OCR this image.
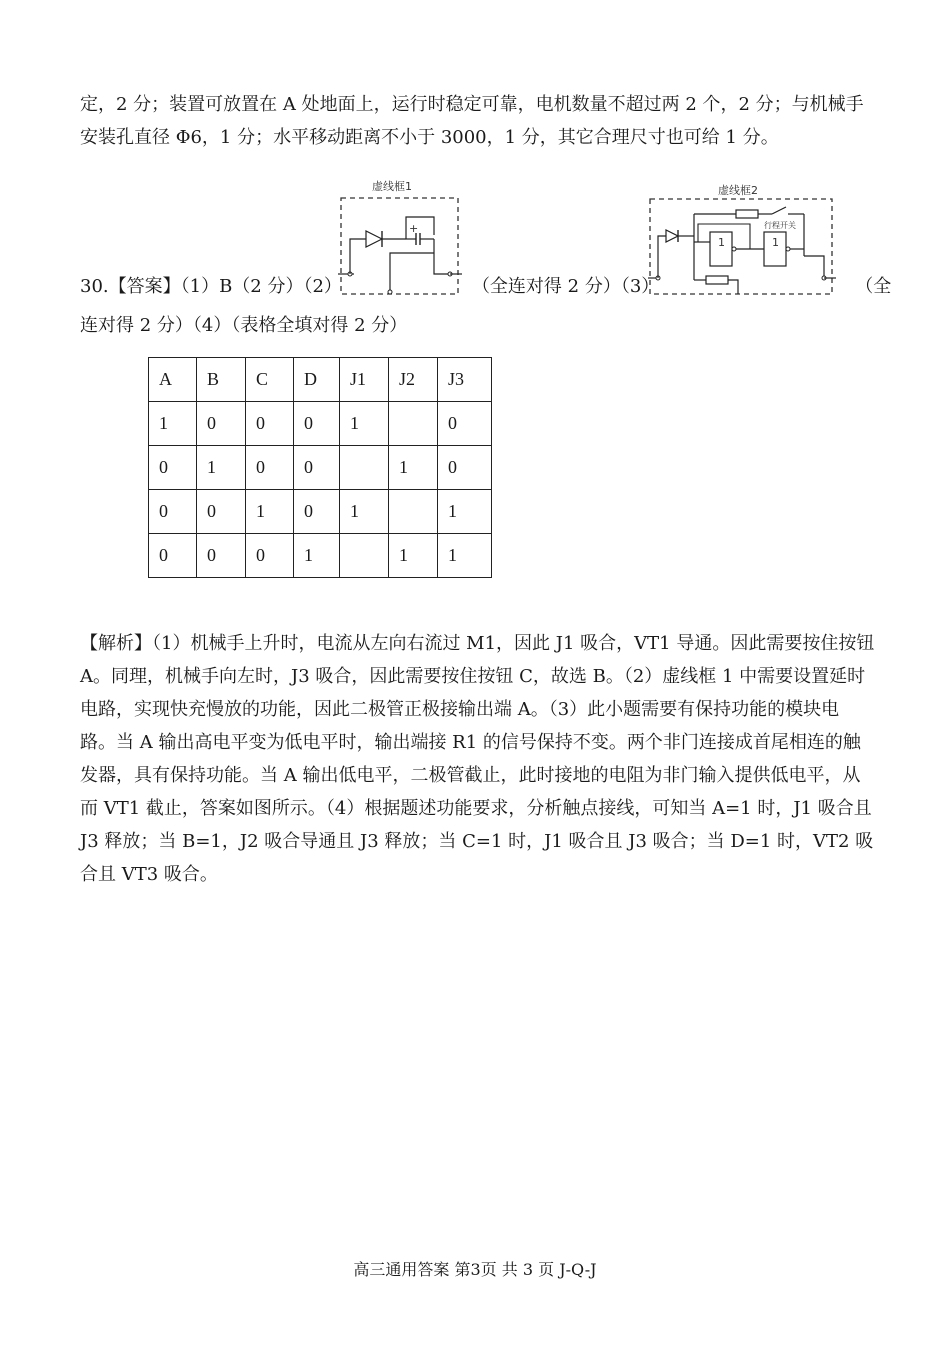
定，2 分；装置可放置在 A 处地面上，运行时稳定可靠，电机数量不超过两 2 个，2 分；与机械手安装孔直径 Φ6，1 分；水平移动距离不小于 3000，1 分，其它合理尺寸也可给 1 分。

虚线框1
+
虚线框2
行程开关
1	1
30.【答案】（1）B（2 分）（2）	（全连对得 2 分）（3）	（全

连对得 2 分）（4）（表格全填对得 2 分）

A	B	C	D	J1	J2	J3
1	0	0	0	1		0
0	1	0	0		1	0
0	0	1	0	1		1
0	0	0	1		1	1

【解析】（1）机械手上升时，电流从左向右流过 M1，因此 J1 吸合，VT1 导通。因此需要按住按钮 A。同理，机械手向左时，J3 吸合，因此需要按住按钮 C，故选 B。（2）虚线框 1 中需要设置延时电路，实现快充慢放的功能，因此二极管正极接输出端 A。（3）此小题需要有保持功能的模块电路。当 A 输出高电平变为低电平时，输出端接 R1 的信号保持不变。两个非门连接成首尾相连的触发器，具有保持功能。当 A 输出低电平，二极管截止，此时接地的电阻为非门输入提供低电平，从而 VT1 截止，答案如图所示。（4）根据题述功能要求，分析触点接线，可知当 A=1 时，J1 吸合且 J3 释放；当 B=1，J2 吸合导通且 J3 释放；当 C=1 时，J1 吸合且 J3 吸合；当 D=1 时，VT2 吸合且 VT3 吸合。

高三通用答案 第3页 共 3 页 J-Q-J
